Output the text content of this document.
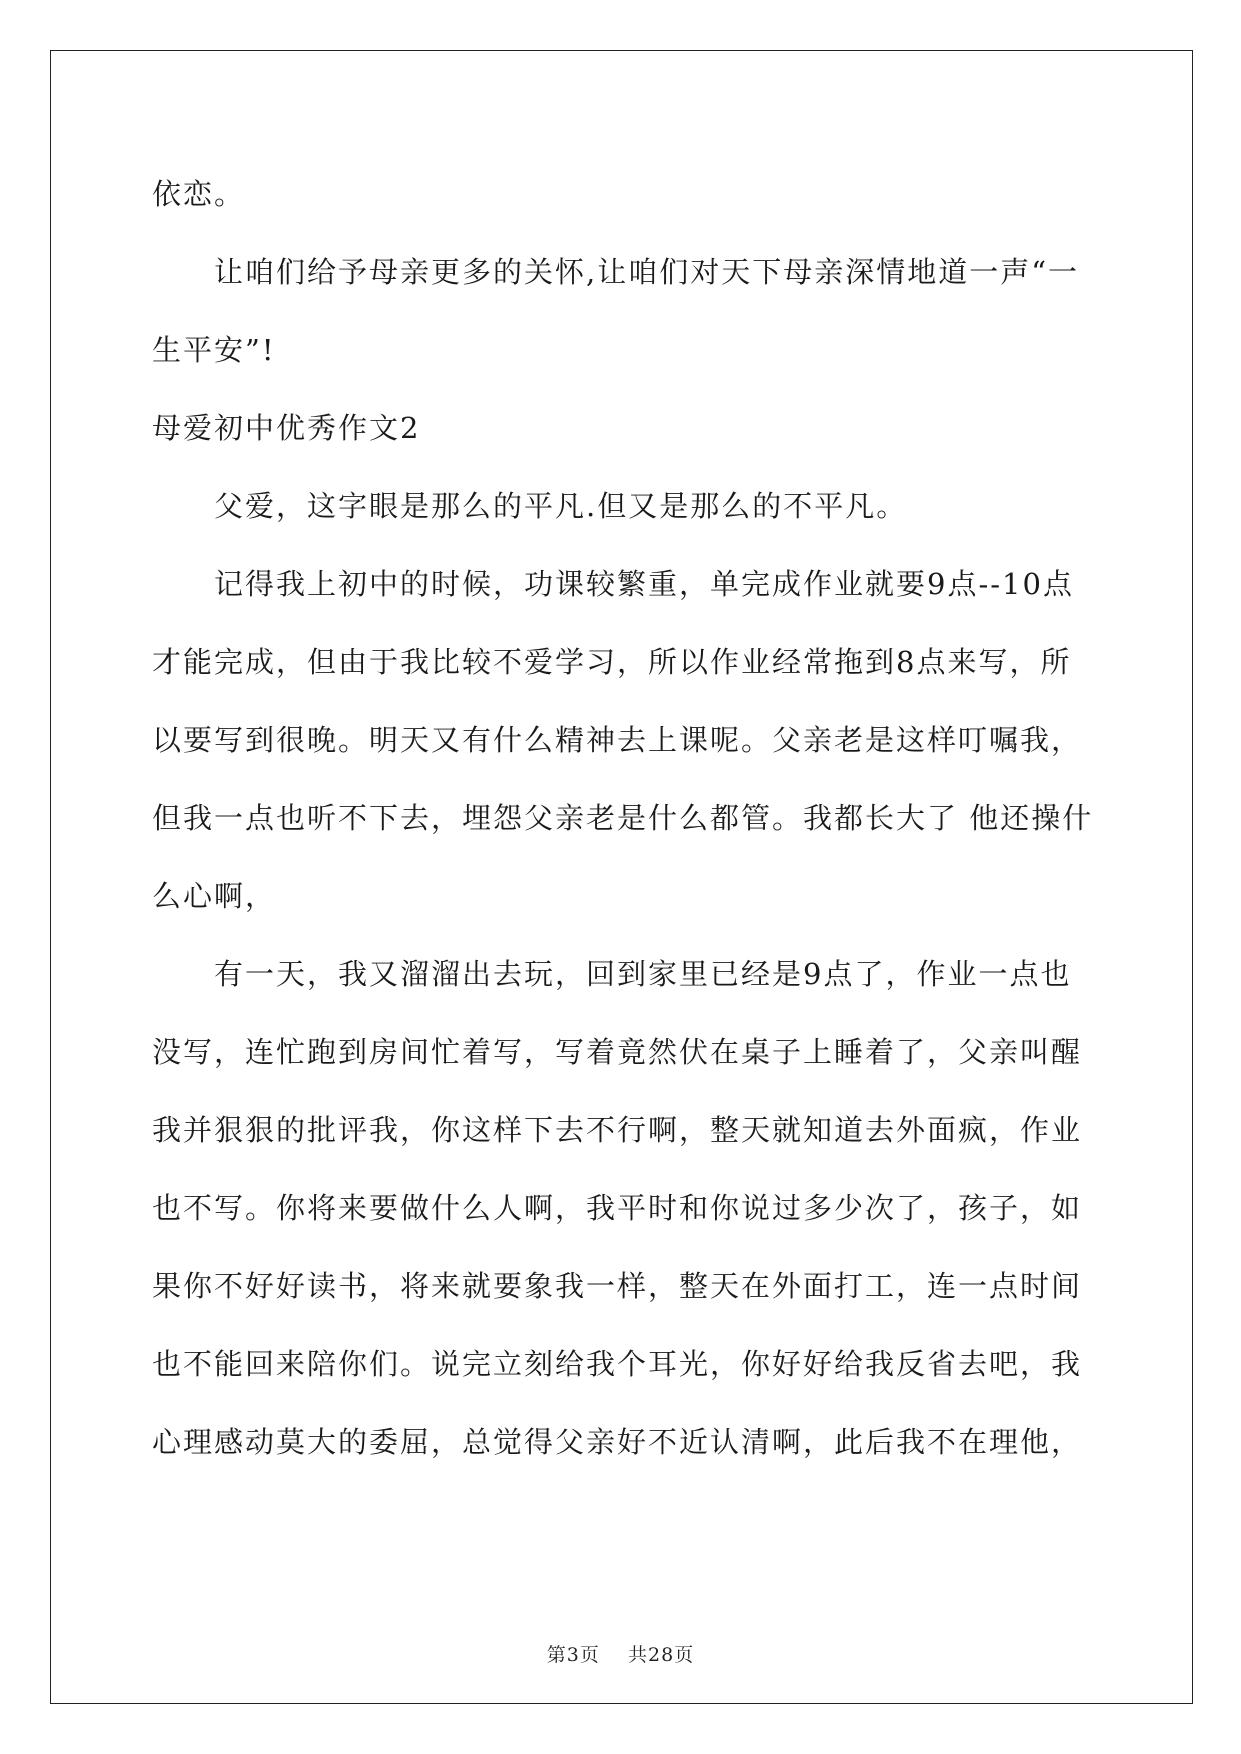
依恋。

让咱们给予母亲更多的关怀,让咱们对天下母亲深情地道一声“一

生平安”!

母爱初中优秀作文2

父爱，这字眼是那么的平凡.但又是那么的不平凡。

记得我上初中的时候，功课较繁重，单完成作业就要9点--10点

才能完成，但由于我比较不爱学习，所以作业经常拖到8点来写，所

以要写到很晚。明天又有什么精神去上课呢。父亲老是这样叮嘱我，

但我一点也听不下去，埋怨父亲老是什么都管。我都长大了 他还操什

么心啊，

有一天，我又溜溜出去玩，回到家里已经是9点了，作业一点也

没写，连忙跑到房间忙着写，写着竟然伏在桌子上睡着了，父亲叫醒

我并狠狠的批评我，你这样下去不行啊，整天就知道去外面疯，作业

也不写。你将来要做什么人啊，我平时和你说过多少次了，孩子，如

果你不好好读书，将来就要象我一样，整天在外面打工，连一点时间

也不能回来陪你们。说完立刻给我个耳光，你好好给我反省去吧，我

心理感动莫大的委屈，总觉得父亲好不近认清啊，此后我不在理他，

第3页 共28页
